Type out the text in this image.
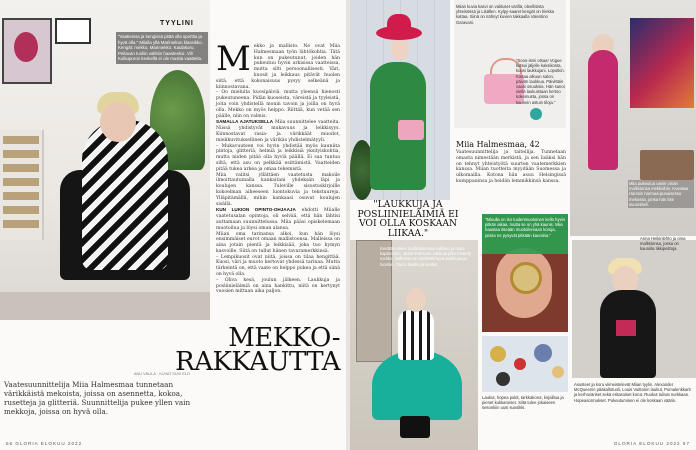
TYYLINI
"Vaatteissa ja kengissä pitää olla sporttia ja hyvä olla." Miialla yllä Marimekon klassikko. Kengät: mekko, Marimekko. Kaulakoru, Pellavan tuoliin valittiin haasteeksi. Vill Kulkupuron keskellä ei ole mustia vaatteita. M ekko ja mallisto. Ne ovat Miia Halmesmaan työn lähtökohtia. Tätä kun on pukeutunut, joiden hän pukeutuu hyvin arkisissa vaatteissa, mutta silti persoonallisesti. Väri, kuosit ja leikkaus pitävät huolen siitä, että kokonaisuus pysyy selkeänä ja kiinnostavana.
– Oo mieluita kuosipäiviä, mutta yleensä hienosti pukeutuneena. Pidän kuoseista, väreistä ja tyyleistä, joita voin yhdistellä monin tavoin ja joilla on hyvä olla. Mekko on myös helppo. Riittää, kun vetää sen päälle, niin on valmis.
SAMALLA AJATUKSELLA Miia suunnittelee vaatteita. Niissä yhdistyvät mukavuus ja leikkisyys. Kiinnostavat rasia- ja värikkäät muodot, mielikuvituksellinen ja värikäs yhdistelmätyyli.
– Mukavuuteen voi hyvin yhdistää myös kauniita pintoja, glitteriä, helmiä ja leikkisiä yksityiskohtia, mutta niiden pitää olla hyviä päällä. Ei saa tuntua siltä, että asu on pelkkää esittämistä. Vaatteiden pitää tukea arkea ja omaa tekemistä.
Miia valitsi yllättäen vaatetusta makoile ilmoittautumalla kankaitani yhdeksän läpi ja koulujen kanssa. Tuleville sisustuskirjoille kokoelman aiheeseen luontokuvia ja tekstuureja. Ylläpitämällä, mihin kankaasi osuvat koulujen sisällä.
KUN LUKION OPINTO-OHJAAJA ehdotti Miialle vaatetusalan opintoja, oli selvää, että hän lähtisi auttamaan suunnittelussa. Miia pääsi opiskelemaan muotoilua ja löysi oman alansa.
Miian oma tarinansa alkoi, kun hän löysi ensimmäiset eurot omaan mallistoonsa. Malleissa on aina jotain pientä ja leikkisää, joka tuo hymyn kasvoille. Siitä on tullut hänen tavaramerkkinsä.
– Lempikuosit ovat niitä, joissa on tilaa hengittää. Kuosi, väri ja muoto kertovat yhdessä tarinaa. Mutta tärkeintä on, että vaate on helppo pukea ja että siinä on hyvä olla.
– Oliva kesä, joulun jälkeen. Laukkuja ja posliinieläimiä on aina hankittu, niitä on kertynyt vuosien mittaan aika paljon.
MEKKO-RAKKAUTTA
ANU VÄLILÄ · KUVAT SUVI ELO
Vaatesuunnittelija Miia Halmesmaa tunnetaan värikkäistä mekoista, joissa on asennetta, kokoa, rusetteja ja glitteriä. Suunnittelija pukee yllen vain mekkoja, joissa on hyvä olla.
56 GLORIA ELOKUU 2022
Miian kuvia kasvi on valituset värillä, oleellisista yhteisössä ja Lisällen. Kylpy-saaret kengät on hiekka kattaa. Siinä on nähnyt kuvien takkaalla Valentino Garavani.
"Sooo-ismi otsaa! Vogue kutsui jäljelle kaksikosta, kuusi laukkujani. Loputkin. Kattaa alkuun salon, päivän laukkua. Päivittäin vaatii osuuksia. Hän sanoi siellä laukuistaan kertoo kokemusta, jossa on kaunein astuin tiloja."
Miia pukeutuu usein oman mallistonsa mekkoihin. Kuvassa Hamsin harmaa-punaisessa mekossa, jonka hän itse suunnitteli.
Miia Halmesmaa, 42
Vaatesuunnittelija ja taiteilija. Tunnetaan omasta nimestään merkistä, ja sen lisäksi hän on tehnyt yhteistyötä suurten vaatemerkkien kanssa. Miian tuotteita myydään Suomessa ja ulkomailla. Kotona hän asuu Helsingissä kumppaninsa ja heidän lemmikkinsä kanssa.
"LAUKKUJA JA POSLIINIELÄIMIÄ EI VOI OLLA KOSKAAN LIIKAA."
Kevättä omien mallistoittensa kukkien ja tuote kapteenien, Jesse Karisuon valinnat joka Finnery mekko, Driftertan on mielestä hyvä laukkuna ja tuontiin, Gucci laukku ja kenkiä.
"Minulla on iso tuulenmuotoinen kello hyvin pitkän aikaa, mutta se on yhä kaunis. Miia haastaa itseään muotoilemaan koruja, joissa ne pysyvät pitkään kauniina."
Laukut, hopea pukit, tarkkakorut, kirjailtua ja pienet kukkaroiset. Siitä tulee jokaiseen sesonkiin uusi suosikki.
Anna Heikinlehto ja oma mallistonsa, jossa on kauniita tikkipeittoja.
Asusteet ja koru viimeistelevät Miian tyylin. Alexander McQueenin pääkallotuoli, Louis Vuittonin laukut, Pumalenkkarit ja kerhoväriset sekä eritasoiset korut. Ruukut tulivat nurkkaan. Hopeasormukset. Pukeutuminen ei ole koskaan väärin.
GLORIA ELOKUU 2022 57
